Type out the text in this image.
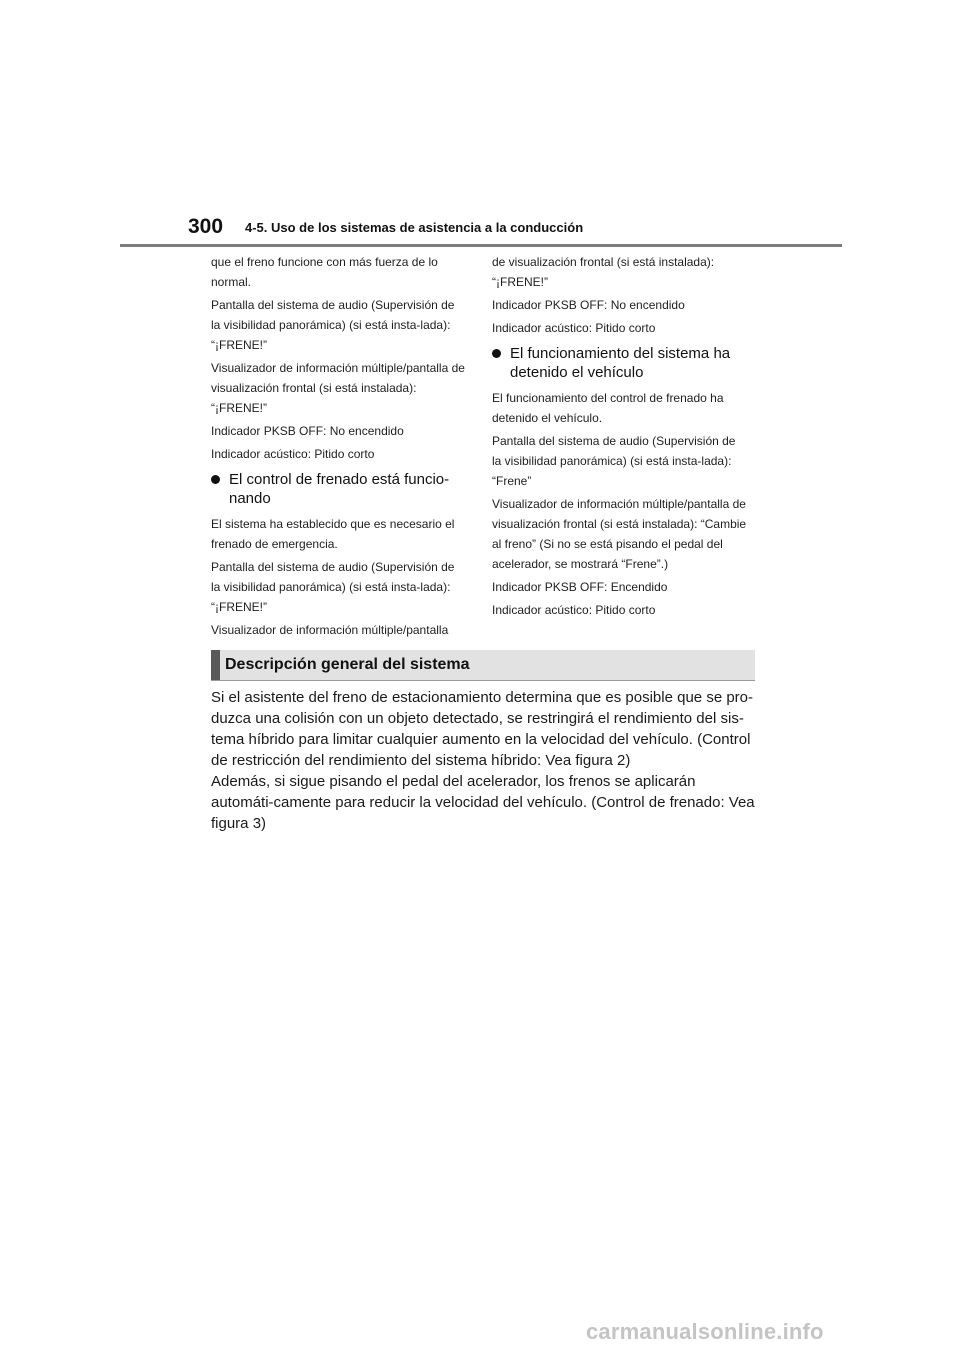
300 4-5. Uso de los sistemas de asistencia a la conducción

que el freno funcione con más fuerza de lo normal.

Pantalla del sistema de audio (Supervisión de la visibilidad panorámica) (si está insta-lada): “¡FRENE!”

Visualizador de información múltiple/pantalla de visualización frontal (si está instalada): “¡FRENE!”

Indicador PKSB OFF: No encendido

Indicador acústico: Pitido corto

El control de frenado está funcio-nando

El sistema ha establecido que es necesario el frenado de emergencia.

Pantalla del sistema de audio (Supervisión de la visibilidad panorámica) (si está insta-lada): “¡FRENE!”

Visualizador de información múltiple/pantalla

de visualización frontal (si está instalada): “¡FRENE!”

Indicador PKSB OFF: No encendido

Indicador acústico: Pitido corto

El funcionamiento del sistema ha detenido el vehículo

El funcionamiento del control de frenado ha detenido el vehículo.

Pantalla del sistema de audio (Supervisión de la visibilidad panorámica) (si está insta-lada): “Frene”

Visualizador de información múltiple/pantalla de visualización frontal (si está instalada): “Cambie al freno” (Si no se está pisando el pedal del acelerador, se mostrará “Frene”.)

Indicador PKSB OFF: Encendido

Indicador acústico: Pitido corto

Descripción general del sistema

Si el asistente del freno de estacionamiento determina que es posible que se pro-duzca una colisión con un objeto detectado, se restringirá el rendimiento del sis-tema híbrido para limitar cualquier aumento en la velocidad del vehículo. (Control de restricción del rendimiento del sistema híbrido: Vea figura 2)

Además, si sigue pisando el pedal del acelerador, los frenos se aplicarán automáti-camente para reducir la velocidad del vehículo. (Control de frenado: Vea figura 3)

carmanualsonline.info
